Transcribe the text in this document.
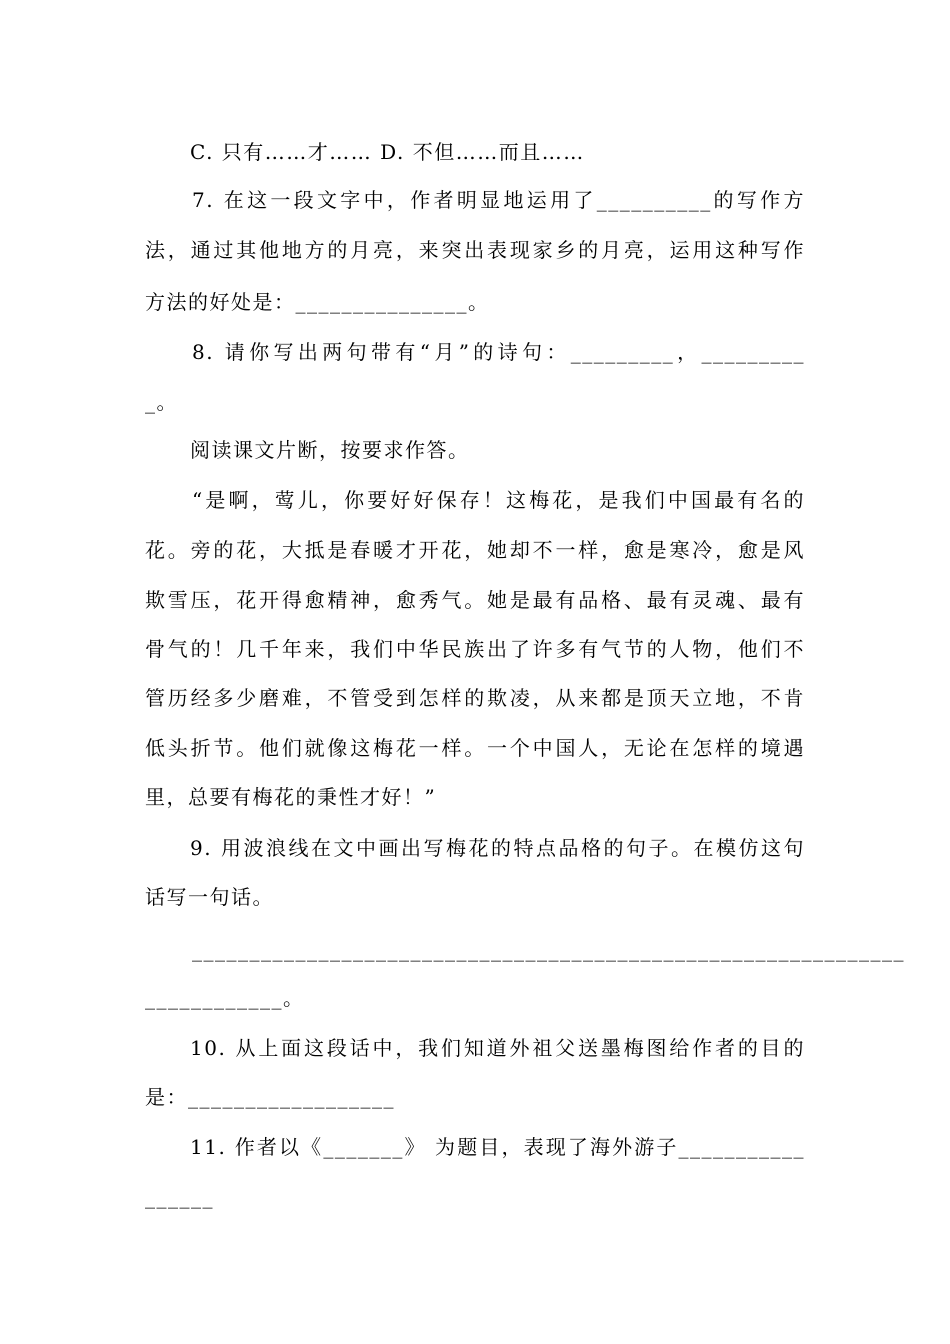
C. 只有……才…… D. 不但……而且……
7. 在这一段文字中，作者明显地运用了__________的写作方
法，通过其他地方的月亮，来突出表现家乡的月亮，运用这种写作
方法的好处是：_______________。
8. 请你写出两句带有“月”的诗句：_________，_________
_。
阅读课文片断，按要求作答。
“是啊，莺儿，你要好好保存！这梅花，是我们中国最有名的
花。旁的花，大抵是春暖才开花，她却不一样，愈是寒冷，愈是风
欺雪压，花开得愈精神，愈秀气。她是最有品格、最有灵魂、最有
骨气的！几千年来，我们中华民族出了许多有气节的人物，他们不
管历经多少磨难，不管受到怎样的欺凌，从来都是顶天立地，不肯
低头折节。他们就像这梅花一样。一个中国人，无论在怎样的境遇
里，总要有梅花的秉性才好！”
9. 用波浪线在文中画出写梅花的特点品格的句子。在模仿这句
话写一句话。
______________________________________________________________
____________。
10. 从上面这段话中，我们知道外祖父送墨梅图给作者的目的
是：__________________
11. 作者以《_______》 为题目，表现了海外游子___________
______
